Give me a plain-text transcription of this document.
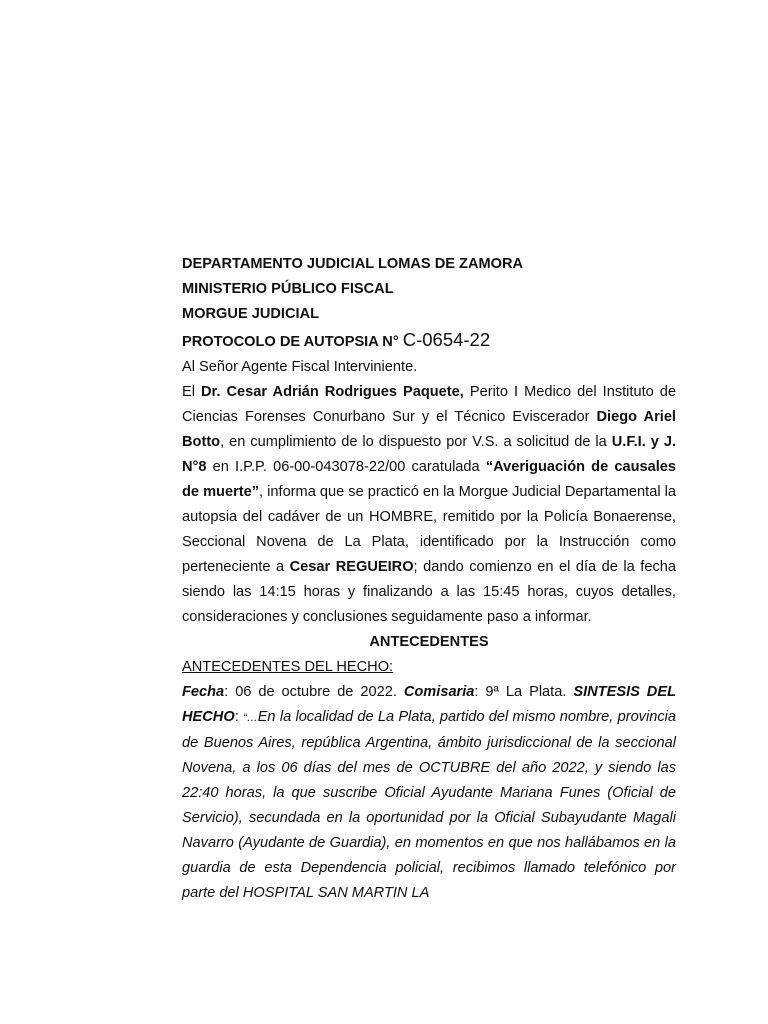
DEPARTAMENTO JUDICIAL LOMAS DE ZAMORA

MINISTERIO PÚBLICO FISCAL

MORGUE JUDICIAL

PROTOCOLO DE AUTOPSIA N° C-0654-22

Al Señor Agente Fiscal Interviniente.

El Dr. Cesar Adrián Rodrigues Paquete, Perito I Medico del Instituto de Ciencias Forenses Conurbano Sur y el Técnico Eviscerador Diego Ariel Botto, en cumplimiento de lo dispuesto por V.S. a solicitud de la U.F.I. y J. N°8 en I.P.P. 06-00-043078-22/00 caratulada “Averiguación de causales de muerte”, informa que se practicó en la Morgue Judicial Departamental la autopsia del cadáver de un HOMBRE, remitido por la Policía Bonaerense, Seccional Novena de La Plata, identificado por la Instrucción como perteneciente a Cesar REGUEIRO; dando comienzo en el día de la fecha siendo las 14:15 horas y finalizando a las 15:45 horas, cuyos detalles, consideraciones y conclusiones seguidamente paso a informar.

ANTECEDENTES

ANTECEDENTES DEL HECHO:

Fecha: 06 de octubre de 2022. Comisaria: 9ª La Plata. SINTESIS DEL HECHO: “…En la localidad de La Plata, partido del mismo nombre, provincia de Buenos Aires, república Argentina, ámbito jurisdiccional de la seccional Novena, a los 06 días del mes de OCTUBRE del año 2022, y siendo las 22:40 horas, la que suscribe Oficial Ayudante Mariana Funes (Oficial de Servicio), secundada en la oportunidad por la Oficial Subayudante Magali Navarro (Ayudante de Guardia), en momentos en que nos hallábamos en la guardia de esta Dependencia policial, recibimos llamado telefónico por parte del HOSPITAL SAN MARTIN LA
